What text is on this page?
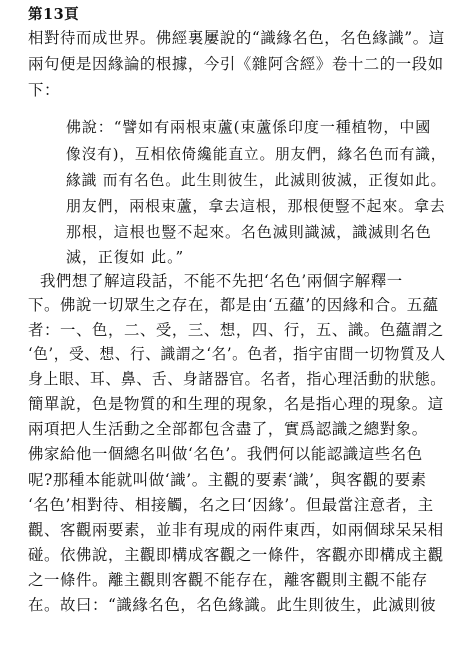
第13頁
相對待而成世界。佛經裏屢說的“識緣名色，名色緣識”。這
兩句便是因緣論的根據，今引《雜阿含經》卷十二的一段如
下：
佛說：“譬如有兩根束蘆(束蘆係印度一種植物，中國
像沒有)，互相依倚纔能直立。朋友們，緣名色而有識，
緣識 而有名色。此生則彼生，此滅則彼滅，正復如此。
朋友們，兩根束蘆，拿去這根，那根便豎不起來。拿去
那根，這根也豎不起來。名色滅則識滅，識滅則名色
滅，正復如 此。”
我們想了解這段話，不能不先把‘名色’兩個字解釋一
下。佛說一切眾生之存在，都是由‘五蘊’的因緣和合。五蘊
者：一、色，二、受，三、想，四、行，五、識。色蘊謂之
‘色’，受、想、行、識謂之‘名’。色者，指宇宙間一切物質及人
身上眼、耳、鼻、舌、身諸器官。名者，指心理活動的狀態。
簡單說，色是物質的和生理的現象，名是指心理的現象。這
兩項把人生活動之全部都包含盡了，實爲認識之總對象。
佛家給他一個總名叫做‘名色’。我們何以能認識這些名色
呢?那種本能就叫做‘識’。主觀的要素‘識’，與客觀的要素
‘名色’相對待、相接觸，名之曰‘因緣’。但最當注意者，主
觀、客觀兩要素，並非有現成的兩件東西，如兩個球呆呆相
碰。依佛說，主觀即構成客觀之一條件，客觀亦即構成主觀
之一條件。離主觀則客觀不能存在，離客觀則主觀不能存
在。故曰：“識緣名色，名色緣識。此生則彼生，此滅則彼
